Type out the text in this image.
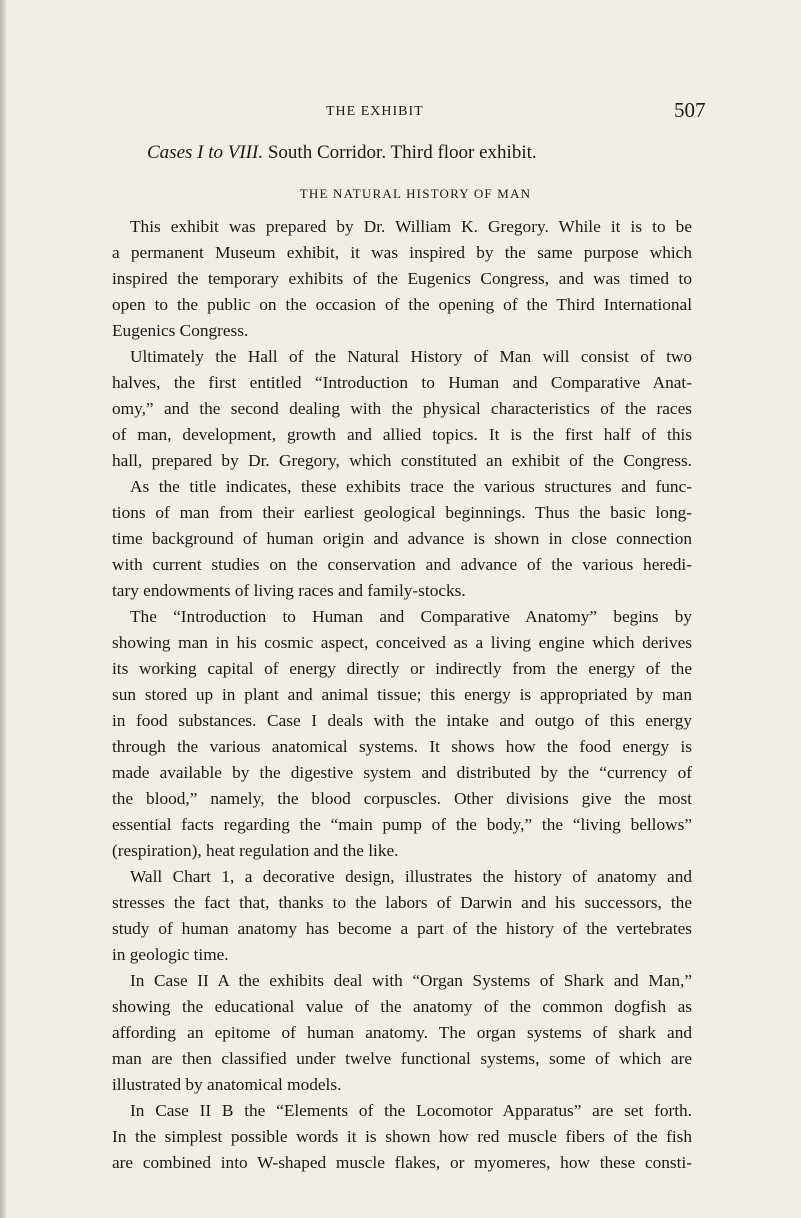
THE EXHIBIT	507
Cases I to VIII. South Corridor. Third floor exhibit.
THE NATURAL HISTORY OF MAN
This exhibit was prepared by Dr. William K. Gregory. While it is to be
a permanent Museum exhibit, it was inspired by the same purpose which
inspired the temporary exhibits of the Eugenics Congress, and was timed to
open to the public on the occasion of the opening of the Third International
Eugenics Congress.
Ultimately the Hall of the Natural History of Man will consist of two
halves, the first entitled “Introduction to Human and Comparative Anat-
omy,” and the second dealing with the physical characteristics of the races
of man, development, growth and allied topics. It is the first half of this
hall, prepared by Dr. Gregory, which constituted an exhibit of the Congress.
As the title indicates, these exhibits trace the various structures and func-
tions of man from their earliest geological beginnings. Thus the basic long-
time background of human origin and advance is shown in close connection
with current studies on the conservation and advance of the various heredi-
tary endowments of living races and family-stocks.
The “Introduction to Human and Comparative Anatomy” begins by
showing man in his cosmic aspect, conceived as a living engine which derives
its working capital of energy directly or indirectly from the energy of the
sun stored up in plant and animal tissue; this energy is appropriated by man
in food substances. Case I deals with the intake and outgo of this energy
through the various anatomical systems. It shows how the food energy is
made available by the digestive system and distributed by the “currency of
the blood,” namely, the blood corpuscles. Other divisions give the most
essential facts regarding the “main pump of the body,” the “living bellows”
(respiration), heat regulation and the like.
Wall Chart 1, a decorative design, illustrates the history of anatomy and
stresses the fact that, thanks to the labors of Darwin and his successors, the
study of human anatomy has become a part of the history of the vertebrates
in geologic time.
In Case II A the exhibits deal with “Organ Systems of Shark and Man,”
showing the educational value of the anatomy of the common dogfish as
affording an epitome of human anatomy. The organ systems of shark and
man are then classified under twelve functional systems, some of which are
illustrated by anatomical models.
In Case II B the “Elements of the Locomotor Apparatus” are set forth.
In the simplest possible words it is shown how red muscle fibers of the fish
are combined into W-shaped muscle flakes, or myomeres, how these consti-
